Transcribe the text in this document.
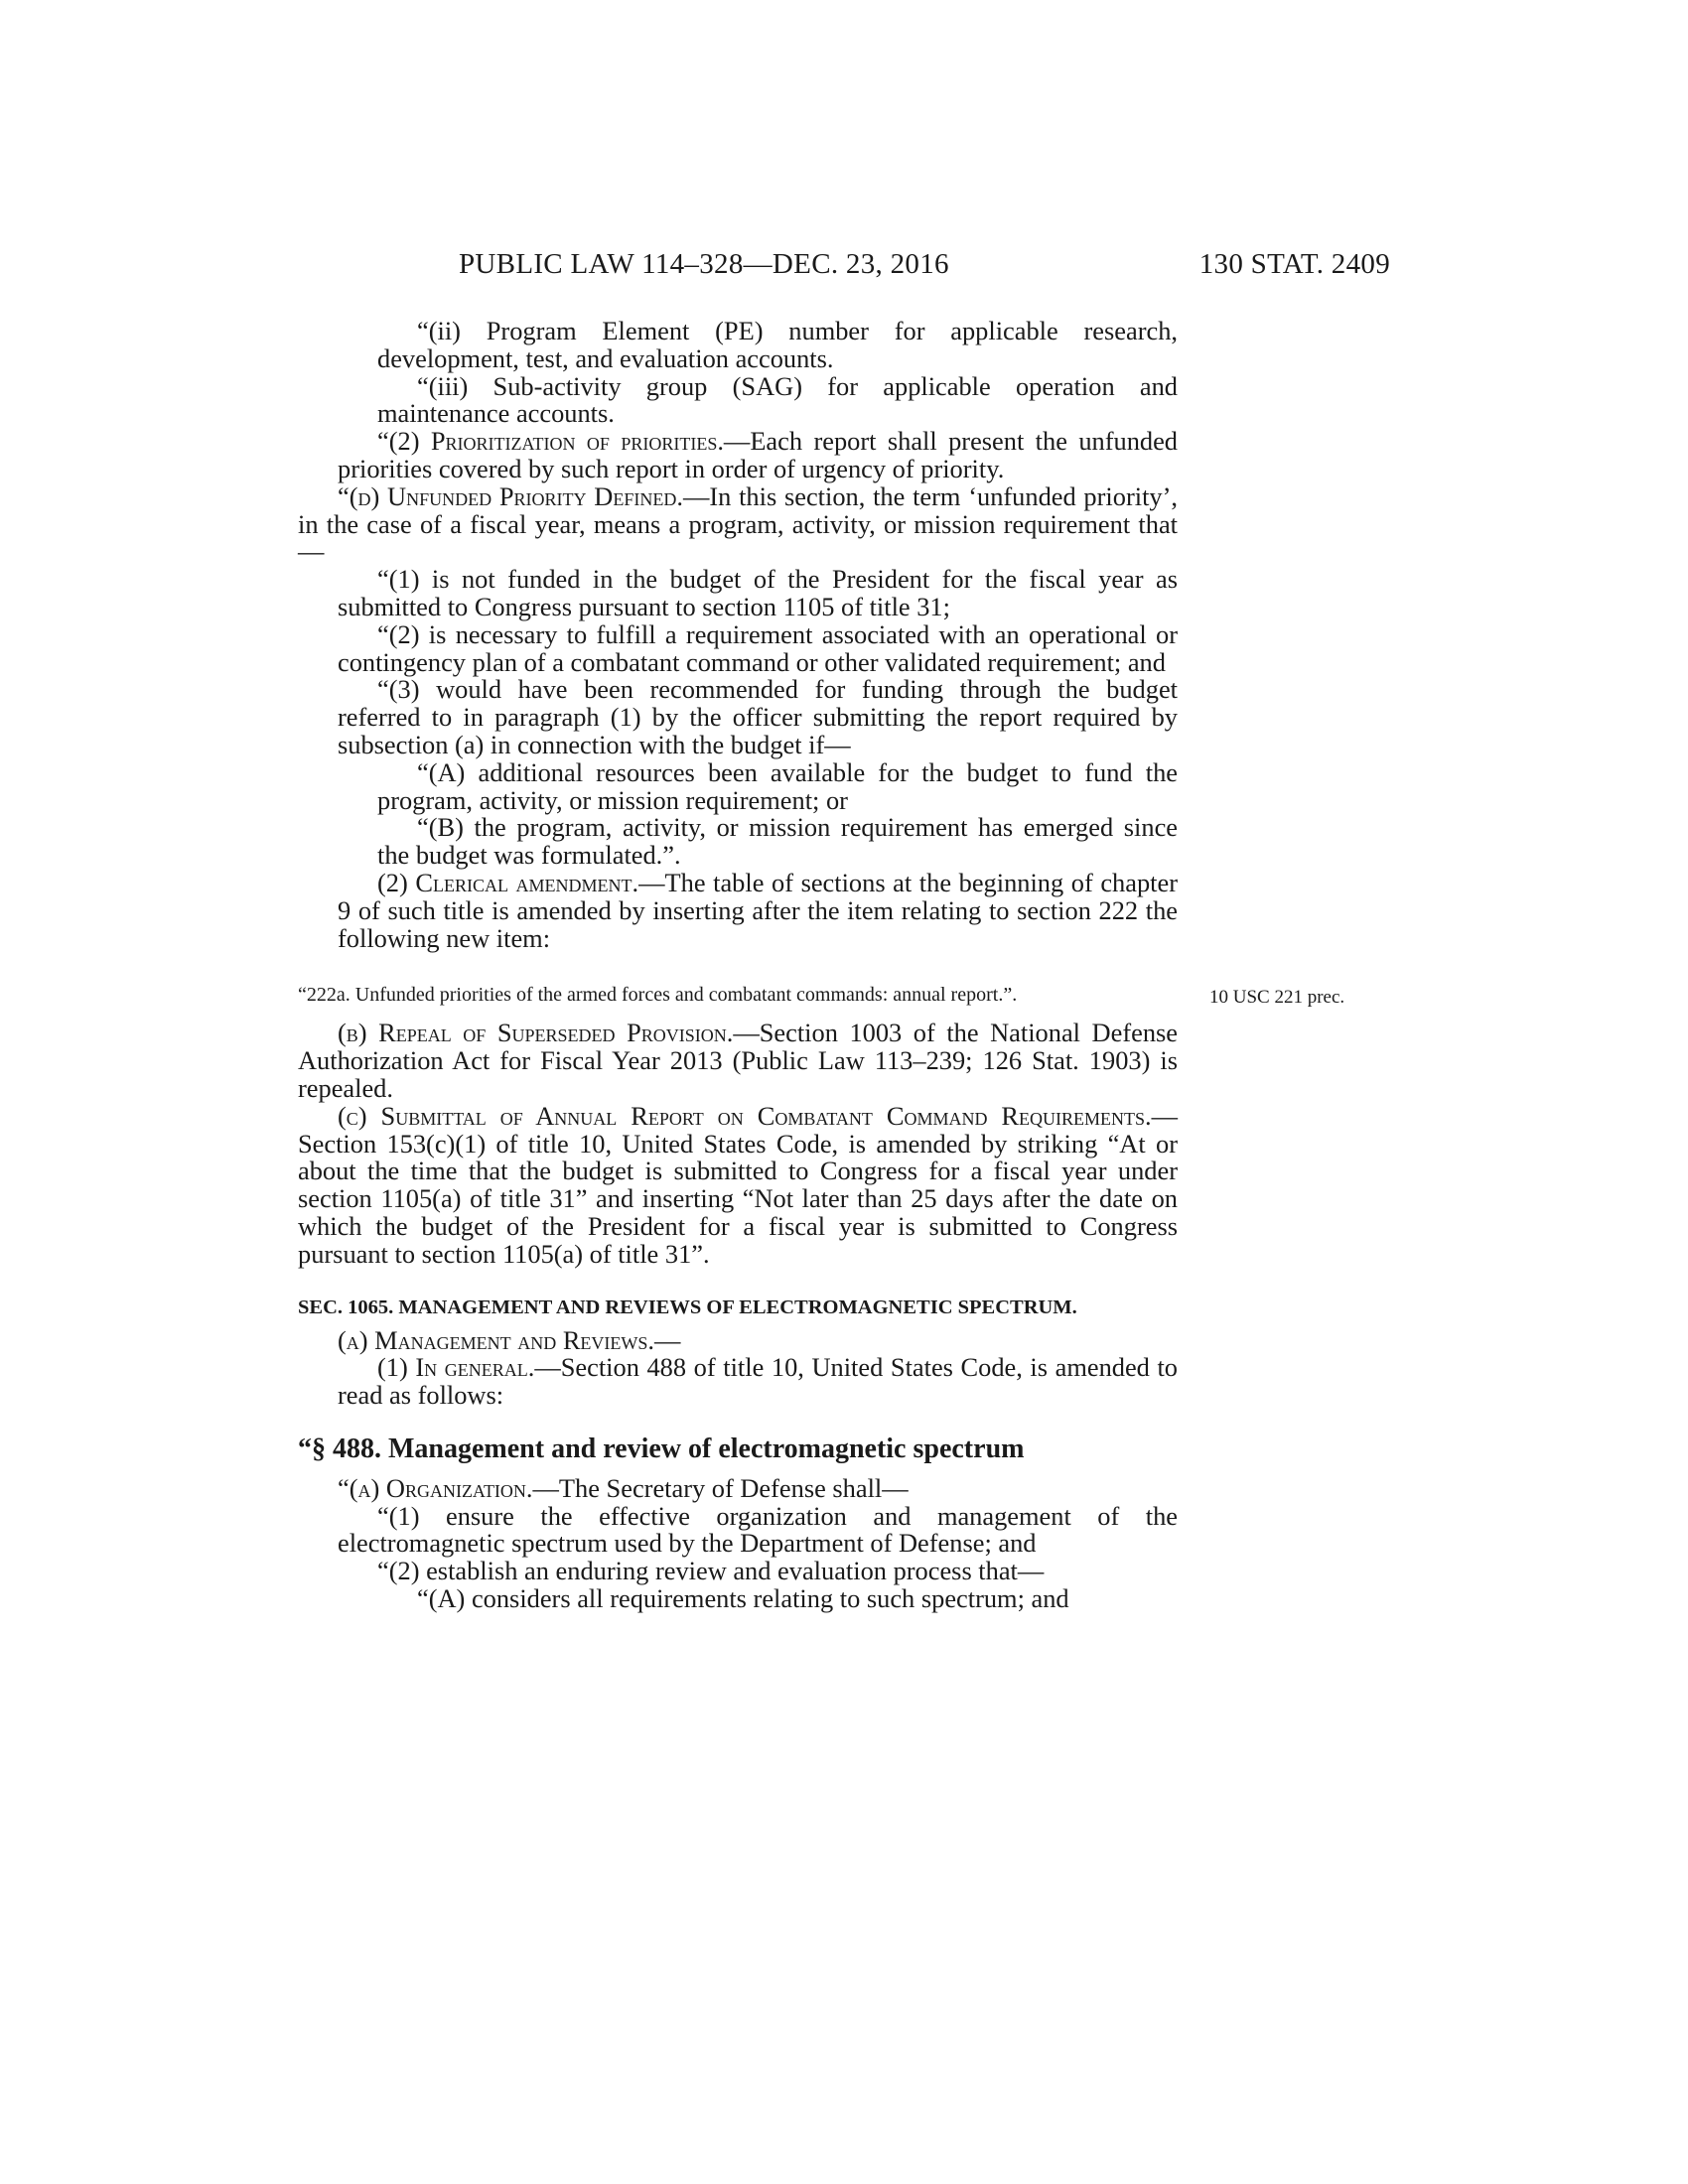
PUBLIC LAW 114–328—DEC. 23, 2016	130 STAT. 2409
10 USC 221 prec.

“(ii) Program Element (PE) number for applicable research, development, test, and evaluation accounts.

“(iii) Sub-activity group (SAG) for applicable operation and maintenance accounts.

“(2) Prioritization of priorities.—Each report shall present the unfunded priorities covered by such report in order of urgency of priority.

“(d) Unfunded Priority Defined.—In this section, the term ‘unfunded priority’, in the case of a fiscal year, means a program, activity, or mission requirement that—

“(1) is not funded in the budget of the President for the fiscal year as submitted to Congress pursuant to section 1105 of title 31;

“(2) is necessary to fulfill a requirement associated with an operational or contingency plan of a combatant command or other validated requirement; and

“(3) would have been recommended for funding through the budget referred to in paragraph (1) by the officer submitting the report required by subsection (a) in connection with the budget if—

“(A) additional resources been available for the budget to fund the program, activity, or mission requirement; or

“(B) the program, activity, or mission requirement has emerged since the budget was formulated.”.

(2) Clerical amendment.—The table of sections at the beginning of chapter 9 of such title is amended by inserting after the item relating to section 222 the following new item:

“222a. Unfunded priorities of the armed forces and combatant commands: annual report.”.

(b) Repeal of Superseded Provision.—Section 1003 of the National Defense Authorization Act for Fiscal Year 2013 (Public Law 113–239; 126 Stat. 1903) is repealed.

(c) Submittal of Annual Report on Combatant Command Requirements.—Section 153(c)(1) of title 10, United States Code, is amended by striking “At or about the time that the budget is submitted to Congress for a fiscal year under section 1105(a) of title 31” and inserting “Not later than 25 days after the date on which the budget of the President for a fiscal year is submitted to Congress pursuant to section 1105(a) of title 31”.

SEC. 1065. MANAGEMENT AND REVIEWS OF ELECTROMAGNETIC SPECTRUM.

(a) Management and Reviews.—

(1) In general.—Section 488 of title 10, United States Code, is amended to read as follows:

“§ 488. Management and review of electromagnetic spectrum

“(a) Organization.—The Secretary of Defense shall—

“(1) ensure the effective organization and management of the electromagnetic spectrum used by the Department of Defense; and

“(2) establish an enduring review and evaluation process that—

“(A) considers all requirements relating to such spectrum; and
